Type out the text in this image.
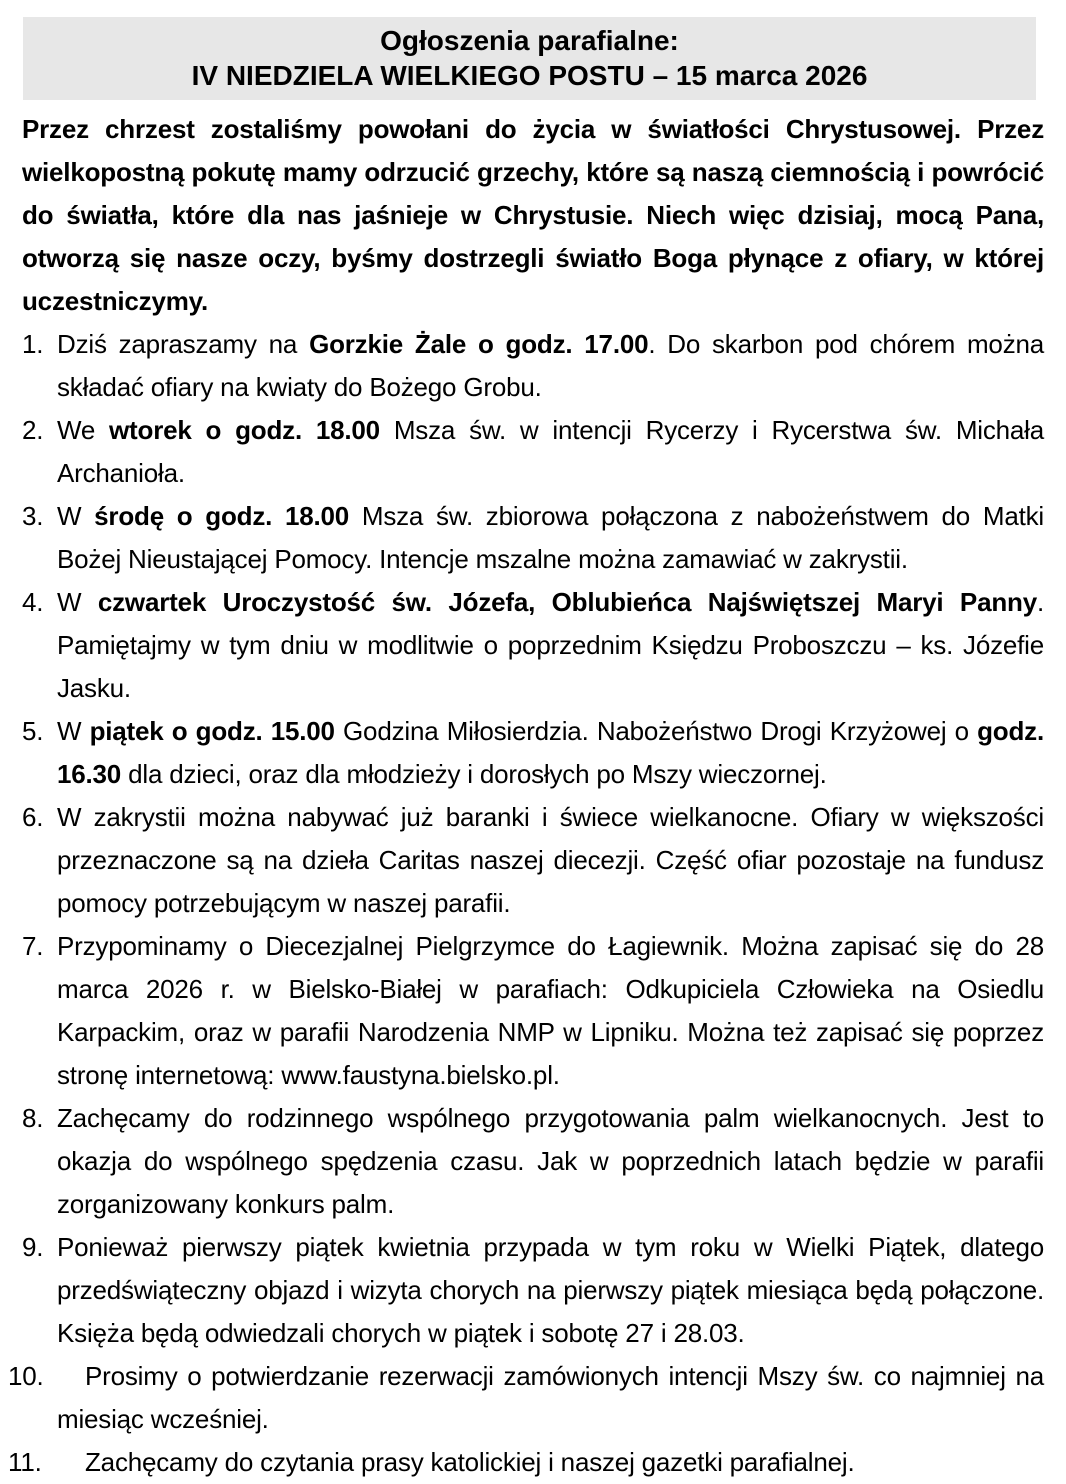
Ogłoszenia parafialne:
IV NIEDZIELA WIELKIEGO POSTU – 15 marca 2026
Przez chrzest zostaliśmy powołani do życia w światłości Chrystusowej. Przez wielkopostną pokutę mamy odrzucić grzechy, które są naszą ciemnością i powrócić do światła, które dla nas jaśnieje w Chrystusie. Niech więc dzisiaj, mocą Pana, otworzą się nasze oczy, byśmy dostrzegli światło Boga płynące z ofiary, w której uczestniczymy.
1. Dziś zapraszamy na Gorzkie Żale o godz. 17.00. Do skarbon pod chórem można składać ofiary na kwiaty do Bożego Grobu.
2. We wtorek o godz. 18.00 Msza św. w intencji Rycerzy i Rycerstwa św. Michała Archanioła.
3. W środę o godz. 18.00 Msza św. zbiorowa połączona z nabożeństwem do Matki Bożej Nieustającej Pomocy. Intencje mszalne można zamawiać w zakrystii.
4. W czwartek Uroczystość św. Józefa, Oblubieńca Najświętszej Maryi Panny. Pamiętajmy w tym dniu w modlitwie o poprzednim Księdzu Proboszczu – ks. Józefie Jasku.
5. W piątek o godz. 15.00 Godzina Miłosierdzia. Nabożeństwo Drogi Krzyżowej o godz. 16.30 dla dzieci, oraz dla młodzieży i dorosłych po Mszy wieczornej.
6. W zakrystii można nabywać już baranki i świece wielkanocne. Ofiary w większości przeznaczone są na dzieła Caritas naszej diecezji. Część ofiar pozostaje na fundusz pomocy potrzebującym w naszej parafii.
7. Przypominamy o Diecezjalnej Pielgrzymce do Łagiewnik. Można zapisać się do 28 marca 2026 r. w Bielsko-Białej w parafiach: Odkupiciela Człowieka na Osiedlu Karpackim, oraz w parafii Narodzenia NMP w Lipniku. Można też zapisać się poprzez stronę internetową: www.faustyna.bielsko.pl.
8. Zachęcamy do rodzinnego wspólnego przygotowania palm wielkanocnych. Jest to okazja do wspólnego spędzenia czasu. Jak w poprzednich latach będzie w parafii zorganizowany konkurs palm.
9. Ponieważ pierwszy piątek kwietnia przypada w tym roku w Wielki Piątek, dlatego przedświąteczny objazd i wizyta chorych na pierwszy piątek miesiąca będą połączone. Księża będą odwiedzali chorych w piątek i sobotę 27 i 28.03.
10. Prosimy o potwierdzanie rezerwacji zamówionych intencji Mszy św. co najmniej na miesiąc wcześniej.
11. Zachęcamy do czytania prasy katolickiej i naszej gazetki parafialnej.
